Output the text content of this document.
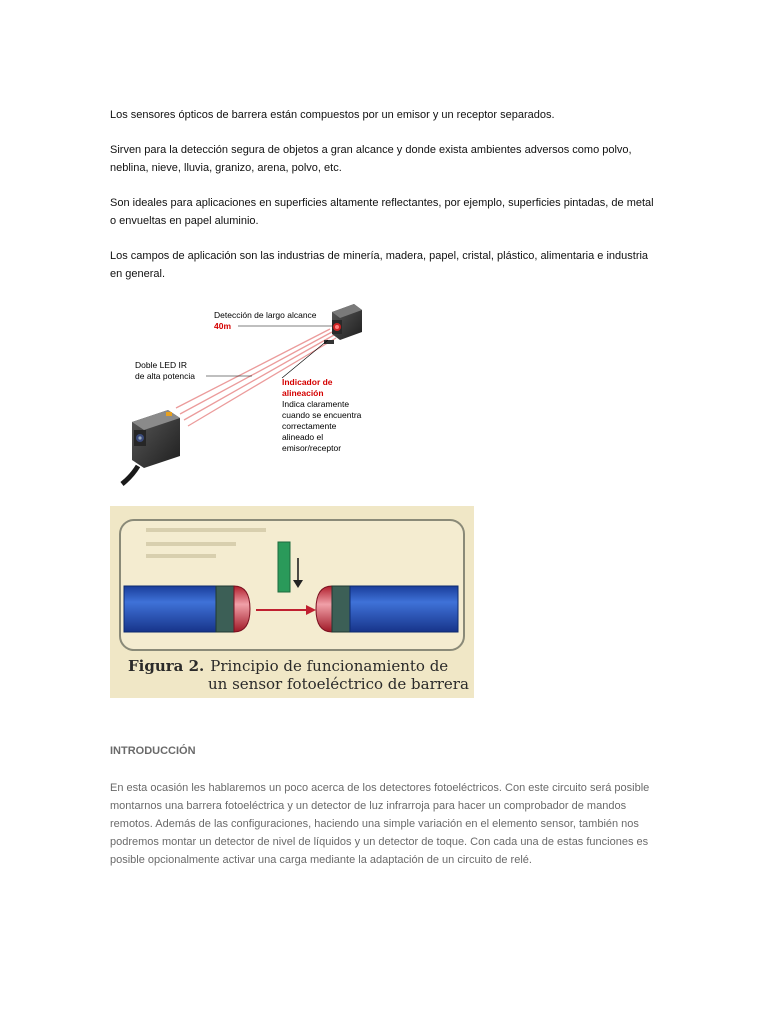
Los sensores ópticos de barrera están compuestos por un emisor y un receptor separados.

Sirven para la detección segura de objetos a gran alcance y donde exista ambientes adversos como polvo, neblina, nieve, lluvia, granizo, arena, polvo, etc.

Son ideales para aplicaciones en superficies altamente reflectantes, por ejemplo, superficies pintadas, de metal o envueltas en papel aluminio.

Los campos de aplicación son las industrias de minería, madera, papel, cristal, plástico, alimentaria e industria en general.

Detección de largo alcance
40m
Doble LED IR
de alta potencia
Indicador de
alineación
Indica claramente
cuando se encuentra
correctamente
alineado el
emisor/receptor
Figura 2. Principio de funcionamiento de
un sensor fotoeléctrico de barrera
INTRODUCCIÓN

En esta ocasión les hablaremos un poco acerca de los detectores fotoeléctricos. Con este circuito será posible montarnos una barrera fotoeléctrica y un detector de luz infrarroja para hacer un comprobador de mandos remotos. Además de las configuraciones, haciendo una simple variación en el elemento sensor, también nos podremos montar un detector de nivel de líquidos y un detector de toque. Con cada una de estas funciones es posible opcionalmente activar una carga mediante la adaptación de un circuito de relé.
